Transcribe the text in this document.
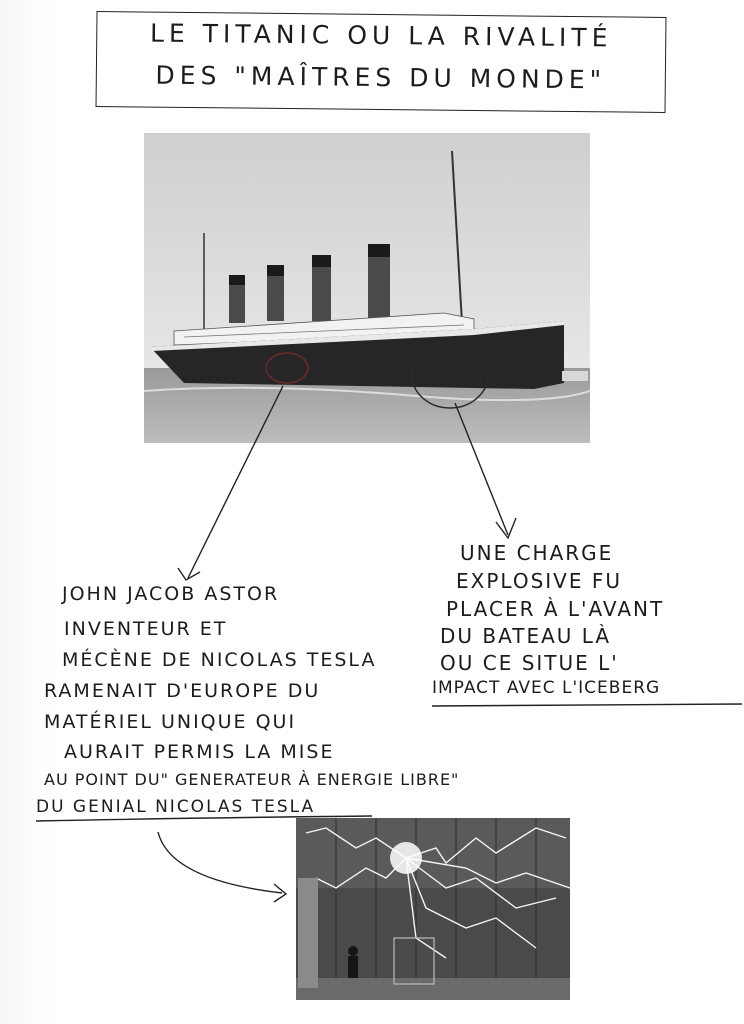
LE TITANIC OU LA RIVALITÉ
DES "MAÎTRES DU MONDE"
JOHN JACOB ASTOR
INVENTEUR ET
MÉCÈNE DE NICOLAS TESLA
RAMENAIT D'EUROPE DU
MATÉRIEL UNIQUE QUI
AURAIT PERMIS LA MISE
AU POINT DU" GENERATEUR À ENERGIE LIBRE"
DU GENIAL NICOLAS TESLA
UNE CHARGE
EXPLOSIVE FU
PLACER À L'AVANT
DU BATEAU LÀ
OU CE SITUE L'
IMPACT AVEC L'ICEBERG
